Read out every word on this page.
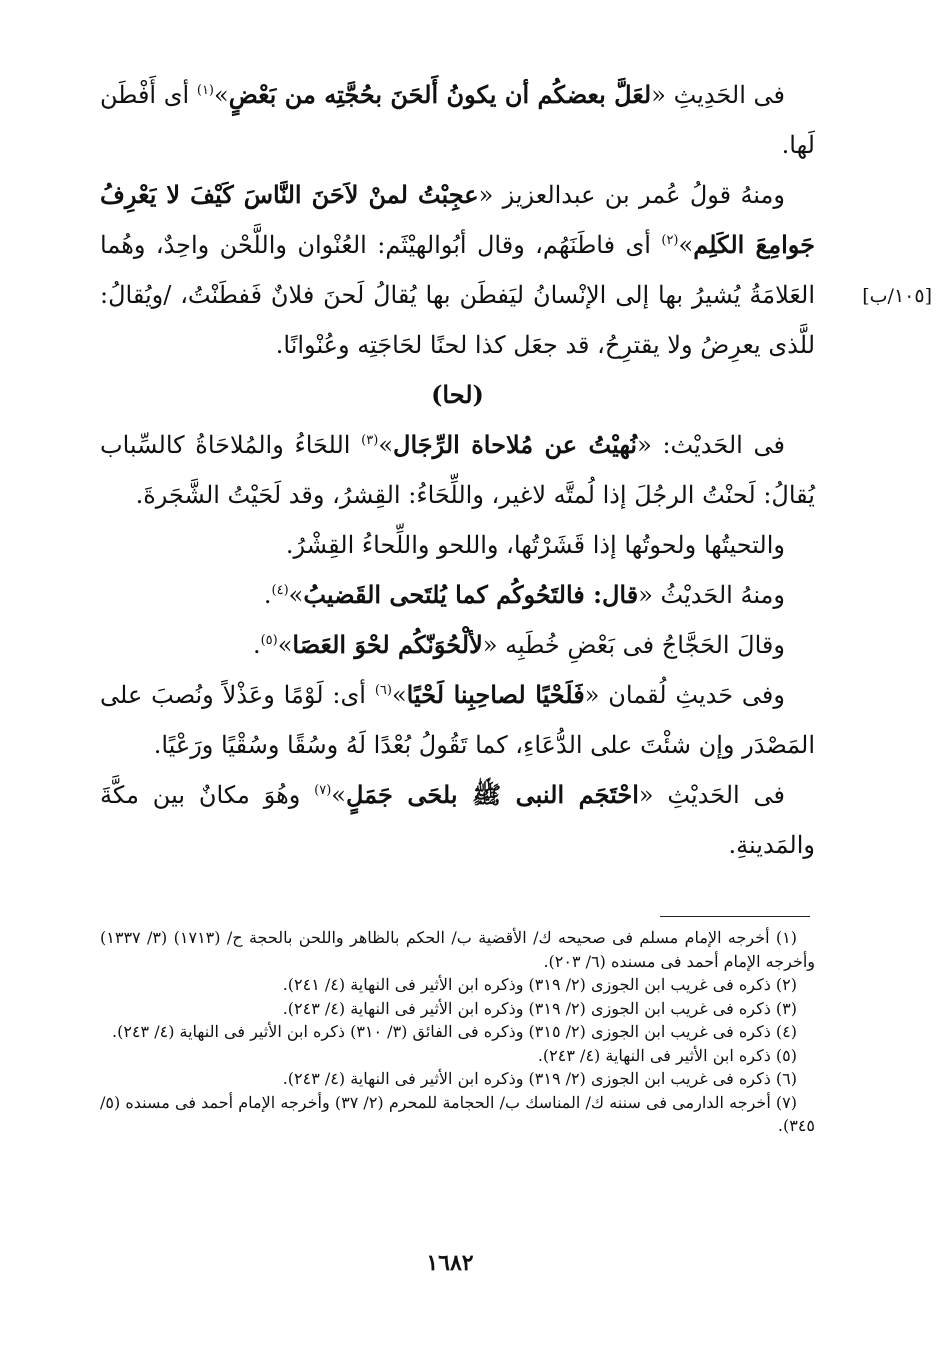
فى الحَدِيثِ «لعَلَّ بعضكُم أن يكونُ أَلحَنَ بحُجَّتِه من بَعْضٍ»$^{(١)}$ أى أَفْطَن لَها.

ومنهُ قولُ عُمر بن عبدالعزيز «عجِبْتُ لمنْ لاَحَنَ النَّاسَ كَيْفَ لا يَعْرِفُ جَوامِعَ الكَلِم»$^{(٢)}$ أى فاطَنَهُم، وقال أبُوالهيْثَم: العُنْوان واللَّحْن واحِدٌ، وهُما العَلامَةُ يُشيرُ بها إلى الإنْسانُ ليَفطَن بها يُقالُ لَحنَ فلانٌ فَفطَنْتُ، /ويُقالُ: للَّذى يعرِضُ ولا يقترِحُ، قد جعَل كذا لحنًا لحَاجَتِه وعُنْوانًا.

(لحا)

فى الحَديْث: «نُهيْتُ عن مُلاحاة الرِّجَال»$^{(٣)}$ اللحَاءُ والمُلاحَاةُ كالسِّباب يُقالُ: لَحنْتُ الرجُلَ إذا لُمتَّه لاغير، واللِّحَاءُ: القِشرُ، وقد لَحَيْتُ الشَّجَرةَ.

والتحيتُها ولحوتُها إذا قَشَرْتُها، واللحو واللِّحاءُ القِشْرُ.

ومنهُ الحَديْثُ «قال: فالتَحُوكُم كما يُلتَحى القَضيبُ»$^{(٤)}$.

وقالَ الحَجَّاجُ فى بَعْضِ خُطَبِه «لألْحُوَنّكُم لحْوَ العَصَا»$^{(٥)}$.

وفى حَديثِ لُقمان «فَلَحْيًا لصاحِبِنا لَحْيًا»$^{(٦)}$ أى: لَوْمًا وعَذْلاً ونُصبَ على المَصْدَر وإن شئْتَ على الدُّعَاءِ، كما تَقُولُ بُعْدًا لَهُ وسُقًا وسُقْيًا ورَعْيًا.

فى الحَديْثِ «احْتَجَم النبى ﷺ بلحَى جَمَلٍ»$^{(٧)}$ وهُوَ مكانٌ بين مكَّةَ والمَدينةِ.

[١٠٥/ب]

(١) أخرجه الإمام مسلم فى صحيحه ك/ الأقضية ب/ الحكم بالظاهر واللحن بالحجة ح/ (١٧١٣) (٣/ ١٣٣٧) وأخرجه الإمام أحمد فى مسنده (٦/ ٢٠٣).

(٢) ذكره فى غريب ابن الجوزى (٢/ ٣١٩) وذكره ابن الأثير فى النهاية (٤/ ٢٤١).

(٣) ذكره فى غريب ابن الجوزى (٢/ ٣١٩) وذكره ابن الأثير فى النهاية (٤/ ٢٤٣).

(٤) ذكره فى غريب ابن الجوزى (٢/ ٣١٥) وذكره فى الفائق (٣/ ٣١٠) ذكره ابن الأثير فى النهاية (٤/ ٢٤٣).

(٥) ذكره ابن الأثير فى النهاية (٤/ ٢٤٣).

(٦) ذكره فى غريب ابن الجوزى (٢/ ٣١٩) وذكره ابن الأثير فى النهاية (٤/ ٢٤٣).

(٧) أخرجه الدارمى فى سننه ك/ المناسك ب/ الحجامة للمحرم (٢/ ٣٧) وأخرجه الإمام أحمد فى مسنده (٥/ ٣٤٥).

١٦٨٢
